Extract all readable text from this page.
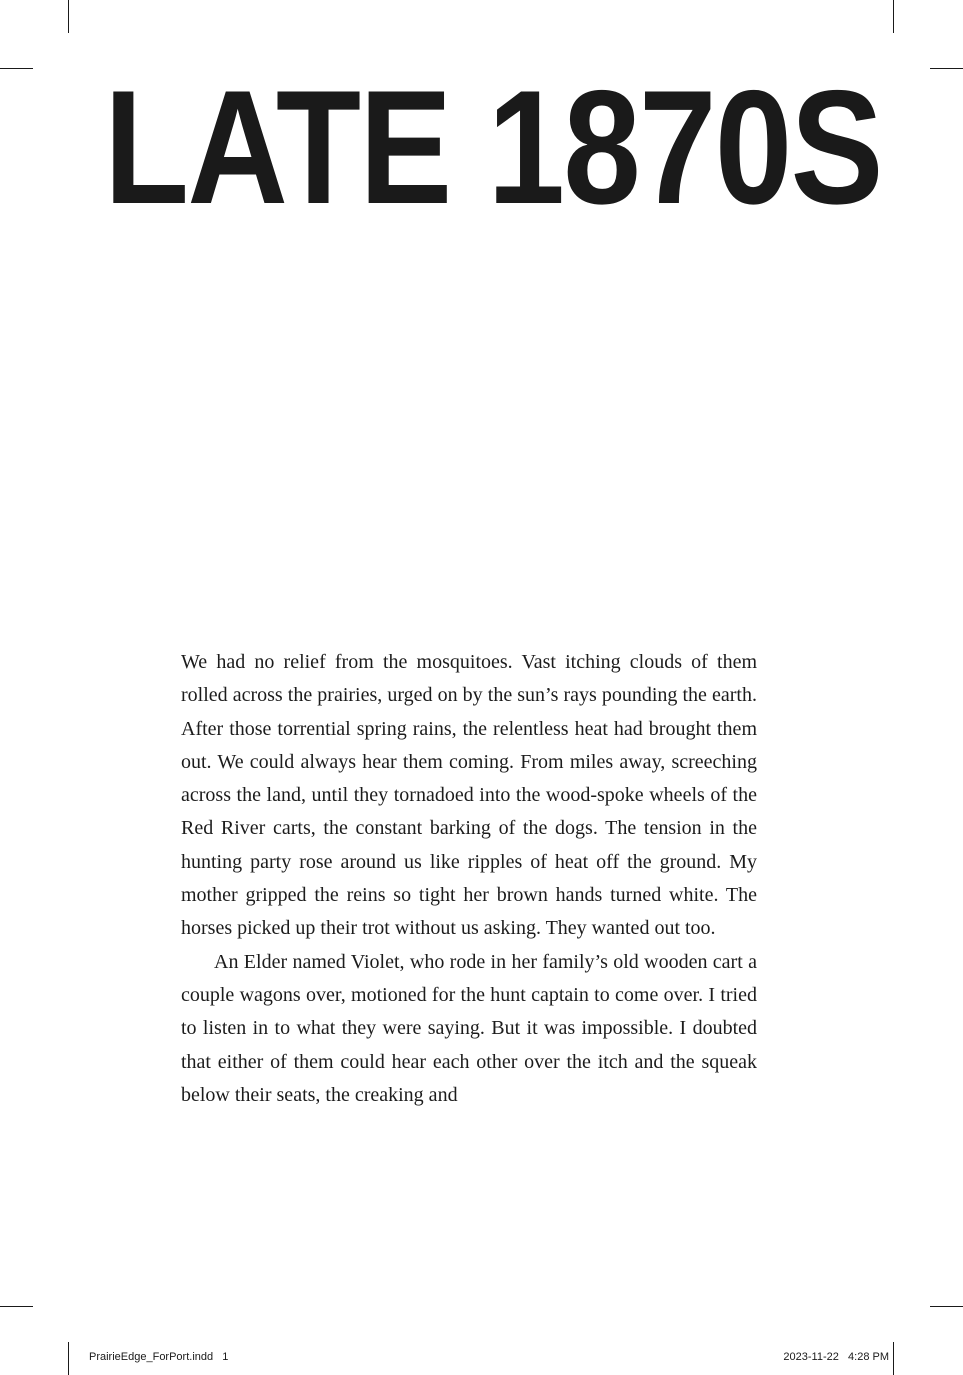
LATE 1870S

We had no relief from the mosquitoes. Vast itching clouds of them rolled across the prairies, urged on by the sun’s rays pounding the earth. After those torrential spring rains, the relentless heat had brought them out. We could always hear them coming. From miles away, screeching across the land, until they tornadoed into the wood-spoke wheels of the Red River carts, the constant barking of the dogs. The tension in the hunting party rose around us like ripples of heat off the ground. My mother gripped the reins so tight her brown hands turned white. The horses picked up their trot without us asking. They wanted out too.

An Elder named Violet, who rode in her family’s old wooden cart a couple wagons over, motioned for the hunt captain to come over. I tried to listen in to what they were saying. But it was impossible. I doubted that either of them could hear each other over the itch and the squeak below their seats, the creaking and

PrairieEdge_ForPort.indd   1	2023-11-22   4:28 PM
